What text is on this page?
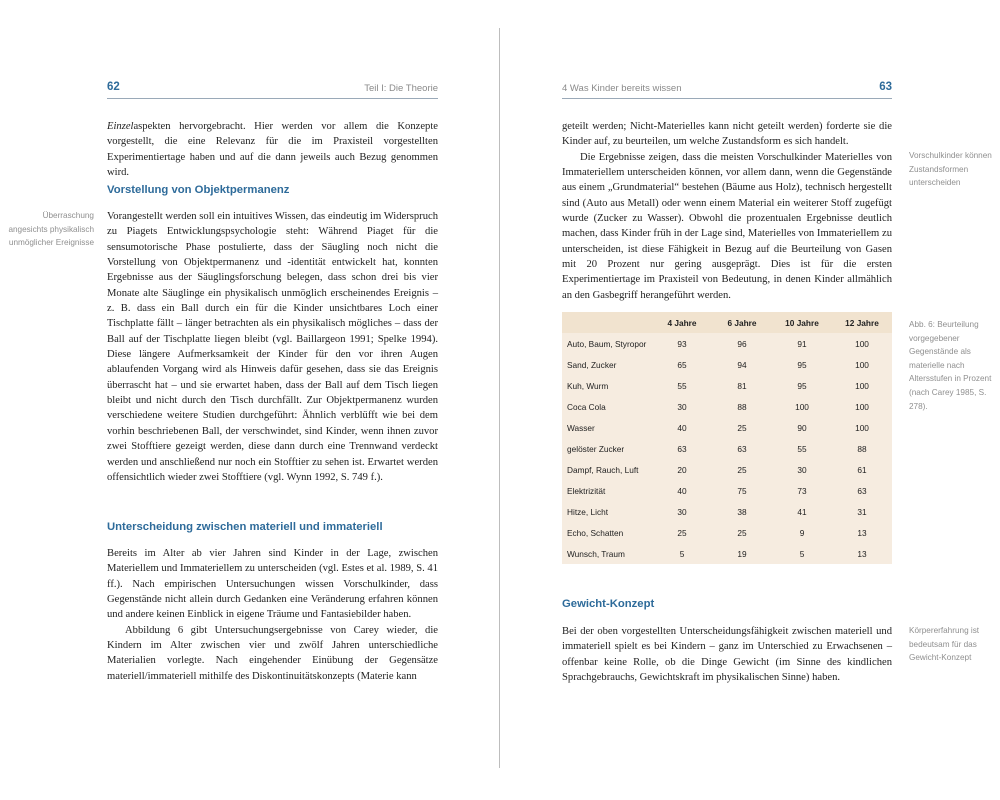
62	Teil I: Die Theorie

Einzelaspekten hervorgebracht. Hier werden vor allem die Konzepte vorgestellt, die eine Relevanz für die im Praxisteil vorgestellten Experimentiertage haben und auf die dann jeweils auch Bezug genommen wird.

Vorstellung von Objektpermanenz

Vorangestellt werden soll ein intuitives Wissen, das eindeutig im Widerspruch zu Piagets Entwicklungspsychologie steht: Während Piaget für die sensumotorische Phase postulierte, dass der Säugling noch nicht die Vorstellung von Objektpermanenz und -identität entwickelt hat, konnten Ergebnisse aus der Säuglingsforschung belegen, dass schon drei bis vier Monate alte Säuglinge ein physikalisch unmöglich erscheinendes Ereignis – z. B. dass ein Ball durch ein für die Kinder unsichtbares Loch einer Tischplatte fällt – länger betrachten als ein physikalisch mögliches – dass der Ball auf der Tischplatte liegen bleibt (vgl. Baillargeon 1991; Spelke 1994). Diese längere Aufmerksamkeit der Kinder für den vor ihren Augen ablaufenden Vorgang wird als Hinweis dafür gesehen, dass sie das Ereignis überrascht hat – und sie erwartet haben, dass der Ball auf dem Tisch liegen bleibt und nicht durch den Tisch durchfällt. Zur Objektpermanenz wurden verschiedene weitere Studien durchgeführt: Ähnlich verblüfft wie bei dem vorhin beschriebenen Ball, der verschwindet, sind Kinder, wenn ihnen zuvor zwei Stofftiere gezeigt werden, diese dann durch eine Trennwand verdeckt werden und anschließend nur noch ein Stofftier zu sehen ist. Erwartet werden offensichtlich wieder zwei Stofftiere (vgl. Wynn 1992, S. 749 f.).

Unterscheidung zwischen materiell und immateriell

Bereits im Alter ab vier Jahren sind Kinder in der Lage, zwischen Materiellem und Immateriellem zu unterscheiden (vgl. Estes et al. 1989, S. 41 ff.). Nach empirischen Untersuchungen wissen Vorschulkinder, dass Gegenstände nicht allein durch Gedanken eine Veränderung erfahren können und andere keinen Einblick in eigene Träume und Fantasiebilder haben.

Abbildung 6 gibt Untersuchungsergebnisse von Carey wieder, die Kindern im Alter zwischen vier und zwölf Jahren unterschiedliche Materialien vorlegte. Nach eingehender Einübung der Gegensätze materiell/immateriell mithilfe des Diskontinuitätskonzepts (Materie kann

Überraschung angesichts physikalisch unmöglicher Ereignisse
4 Was Kinder bereits wissen	63

geteilt werden; Nicht-Materielles kann nicht geteilt werden) forderte sie die Kinder auf, zu beurteilen, um welche Zustandsform es sich handelt.

Die Ergebnisse zeigen, dass die meisten Vorschulkinder Materielles von Immateriellem unterscheiden können, vor allem dann, wenn die Gegenstände aus einem „Grundmaterial“ bestehen (Bäume aus Holz), technisch hergestellt sind (Auto aus Metall) oder wenn einem Material ein weiterer Stoff zugefügt wurde (Zucker zu Wasser). Obwohl die prozentualen Ergebnisse deutlich machen, dass Kinder früh in der Lage sind, Materielles von Immateriellem zu unterscheiden, ist diese Fähigkeit in Bezug auf die Beurteilung von Gasen mit 20 Prozent nur gering ausgeprägt. Dies ist für die ersten Experimentiertage im Praxisteil von Bedeutung, in denen Kinder allmählich an den Gasbegriff herangeführt werden.

Vorschulkinder können Zustandsformen unterscheiden
	4 Jahre	6 Jahre	10 Jahre	12 Jahre
Auto, Baum, Styropor	93	96	91	100
Sand, Zucker	65	94	95	100
Kuh, Wurm	55	81	95	100
Coca Cola	30	88	100	100
Wasser	40	25	90	100
gelöster Zucker	63	63	55	88
Dampf, Rauch, Luft	20	25	30	61
Elektrizität	40	75	73	63
Hitze, Licht	30	38	41	31
Echo, Schatten	25	25	9	13
Wunsch, Traum	5	19	5	13
Abb. 6: Beurteilung vorgegebener Gegenstände als materielle nach Altersstufen in Prozent (nach Carey 1985, S. 278).
Gewicht-Konzept

Bei der oben vorgestellten Unterscheidungsfähigkeit zwischen materiell und immateriell spielt es bei Kindern – ganz im Unterschied zu Erwachsenen – offenbar keine Rolle, ob die Dinge Gewicht (im Sinne des kindlichen Sprachgebrauchs, Gewichtskraft im physikalischen Sinne) haben.

Körpererfahrung ist bedeutsam für das Gewicht-Konzept
